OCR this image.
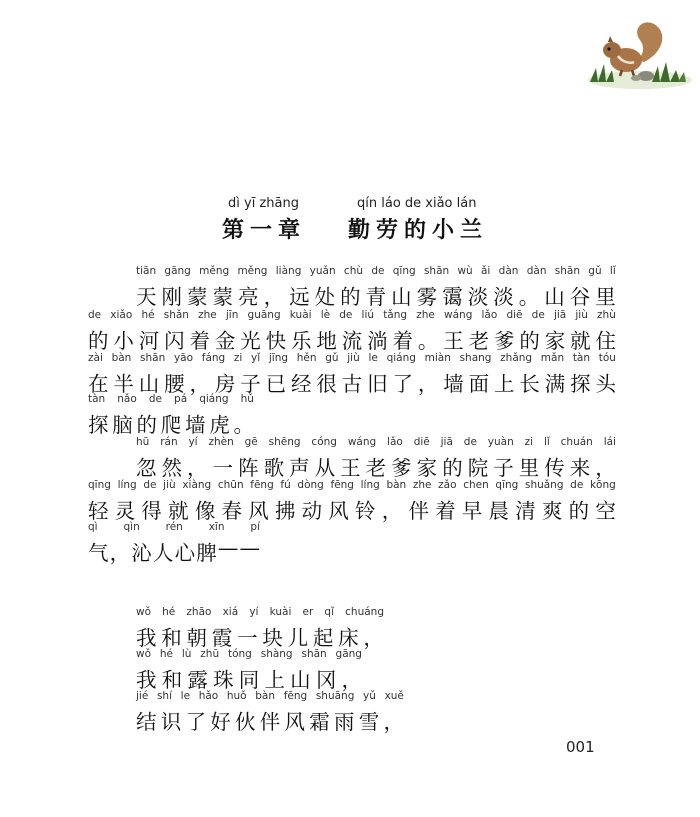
dì yī zhāng	qín láo de xiǎo lán
第一章 勤劳的小兰
tiān gāng měng měng liàng yuǎn chù de qīng shān wù ǎi dàn dàn shān gǔ lǐ
天 刚 蒙 蒙 亮 ， 远 处 的 青 山 雾 霭 淡 淡 。 山 谷 里
de xiǎo hé shǎn zhe jīn guāng kuài lè de liú tǎng zhe wáng lǎo diē de jiā jiù zhù
的 小 河 闪 着 金 光 快 乐 地 流 淌 着 。 王 老 爹 的 家 就 住
zài bàn shān yāo fáng zi yǐ jīng hěn gǔ jiù le qiáng miàn shang zhǎng mǎn tàn tóu
在 半 山 腰 ， 房 子 已 经 很 古 旧 了 ， 墙 面 上 长 满 探 头
tàn nǎo de pá qiáng hǔ
探 脑 的 爬 墙 虎 。
hū rán yí zhèn gē shēng cóng wáng lǎo diē jiā de yuàn zi lǐ chuán lái
忽 然 ， 一 阵 歌 声 从 王 老 爹 家 的 院 子 里 传 来 ，
qīng líng de jiù xiàng chūn fēng fú dòng fēng líng bàn zhe zǎo chen qīng shuǎng de kōng
轻 灵 得 就 像 春 风 拂 动 风 铃 ， 伴 着 早 晨 清 爽 的 空
qì qìn rén xīn pí
气 ， 沁 人 心 脾 — —
wǒ hé zhāo xiá yí kuài er qǐ chuáng
我 和 朝 霞 一 块 儿 起 床 ，
wǒ hé lù zhū tóng shàng shān gāng
我 和 露 珠 同 上 山 冈 ，
jié shí le hǎo huǒ bàn fēng shuāng yǔ xuě
结 识 了 好 伙 伴 风 霜 雨 雪 ，
001
